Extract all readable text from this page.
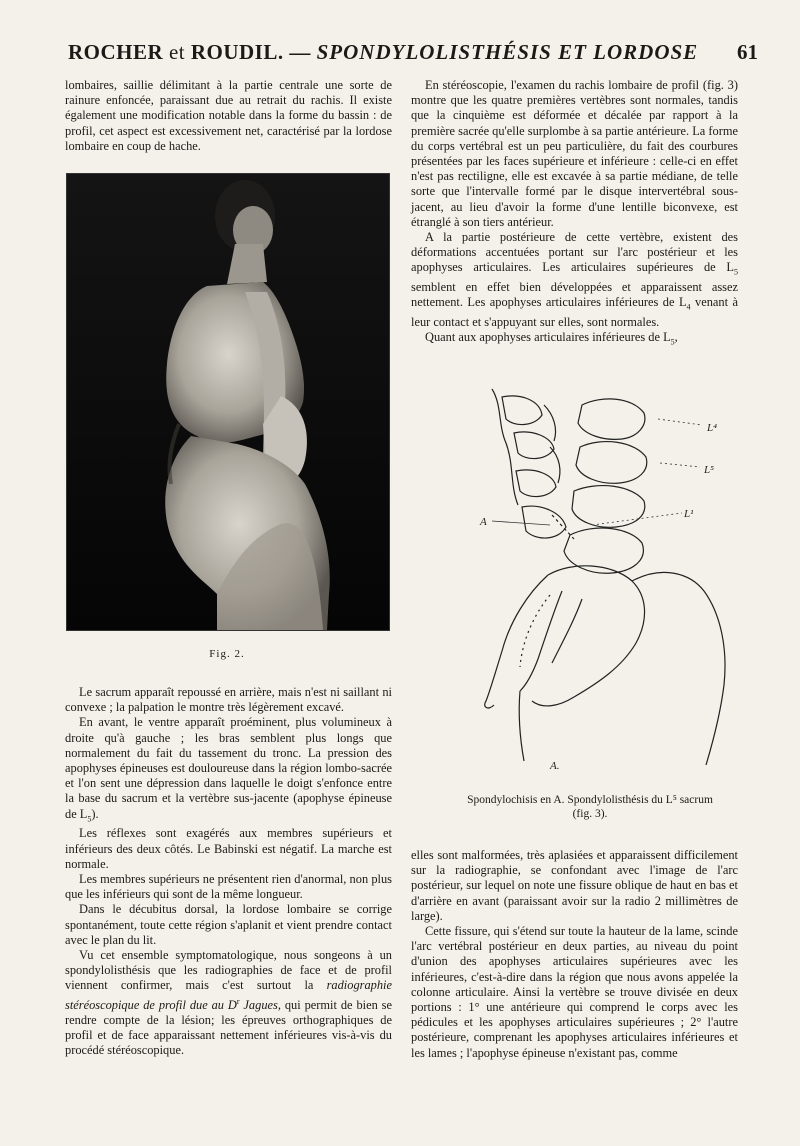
ROCHER et ROUDIL. — SPONDYLOLISTHÉSIS ET LORDOSE 61

lombaires, saillie délimitant à la partie centrale une sorte de rainure enfoncée, paraissant due au retrait du rachis. Il existe également une modification notable dans la forme du bassin : de profil, cet aspect est excessivement net, caractérisé par la lordose lombaire en coup de hache.

Fig. 2.

Le sacrum apparaît repoussé en arrière, mais n'est ni saillant ni convexe ; la palpation le montre très légèrement excavé.

En avant, le ventre apparaît proéminent, plus volumineux à droite qu'à gauche ; les bras semblent plus longs que normalement du fait du tassement du tronc. La pression des apophyses épineuses est douloureuse dans la région lombo-sacrée et l'on sent une dépression dans laquelle le doigt s'enfonce entre la base du sacrum et la vertèbre sus-jacente (apophyse épineuse de $L_5$).

Les réflexes sont exagérés aux membres supérieurs et inférieurs des deux côtés. Le Babinski est négatif. La marche est normale.

Les membres supérieurs ne présentent rien d'anormal, non plus que les inférieurs qui sont de la même longueur.

Dans le décubitus dorsal, la lordose lombaire se corrige spontanément, toute cette région s'aplanit et vient prendre contact avec le plan du lit.

Vu cet ensemble symptomatologique, nous songeons à un spondylolisthésis que les radiographies de face et de profil viennent confirmer, mais c'est surtout la radiographie stéréoscopique de profil due au $D^r$ Jagues, qui permit de bien se rendre compte de la lésion; les épreuves orthographiques de profil et de face apparaissant nettement inférieures vis-à-vis du procédé stéréoscopique.

En stéréoscopie, l'examen du rachis lombaire de profil (fig. 3) montre que les quatre premières vertèbres sont normales, tandis que la cinquième est déformée et décalée par rapport à la première sacrée qu'elle surplombe à sa partie antérieure. La forme du corps vertébral est un peu particulière, du fait des courbures présentées par les faces supérieure et inférieure : celle-ci en effet n'est pas rectiligne, elle est excavée à sa partie médiane, de telle sorte que l'intervalle formé par le disque intervertébral sous-jacent, au lieu d'avoir la forme d'une lentille biconvexe, est étranglé à son tiers antérieur.

A la partie postérieure de cette vertèbre, existent des déformations accentuées portant sur l'arc postérieur et les apophyses articulaires. Les articulaires supérieures de $L_5$ semblent en effet bien développées et apparaissent assez nettement. Les apophyses articulaires inférieures de $L_4$ venant à leur contact et s'appuyant sur elles, sont normales.

Quant aux apophyses articulaires inférieures de $L_5$,

L⁴
L⁵
L¹
A
A.
Spondylochisis en A. Spondylolisthésis du L⁵ sacrum
(fig. 3).

elles sont malformées, très aplasiées et apparaissent difficilement sur la radiographie, se confondant avec l'image de l'arc postérieur, sur lequel on note une fissure oblique de haut en bas et d'arrière en avant (paraissant avoir sur la radio 2 millimètres de large).

Cette fissure, qui s'étend sur toute la hauteur de la lame, scinde l'arc vertébral postérieur en deux parties, au niveau du point d'union des apophyses articulaires supérieures avec les inférieures, c'est-à-dire dans la région que nous avons appelée la colonne articulaire. Ainsi la vertèbre se trouve divisée en deux portions : 1° une antérieure qui comprend le corps avec les pédicules et les apophyses articulaires supérieures ; 2° l'autre postérieure, comprenant les apophyses articulaires inférieures et les lames ; l'apophyse épineuse n'existant pas, comme
